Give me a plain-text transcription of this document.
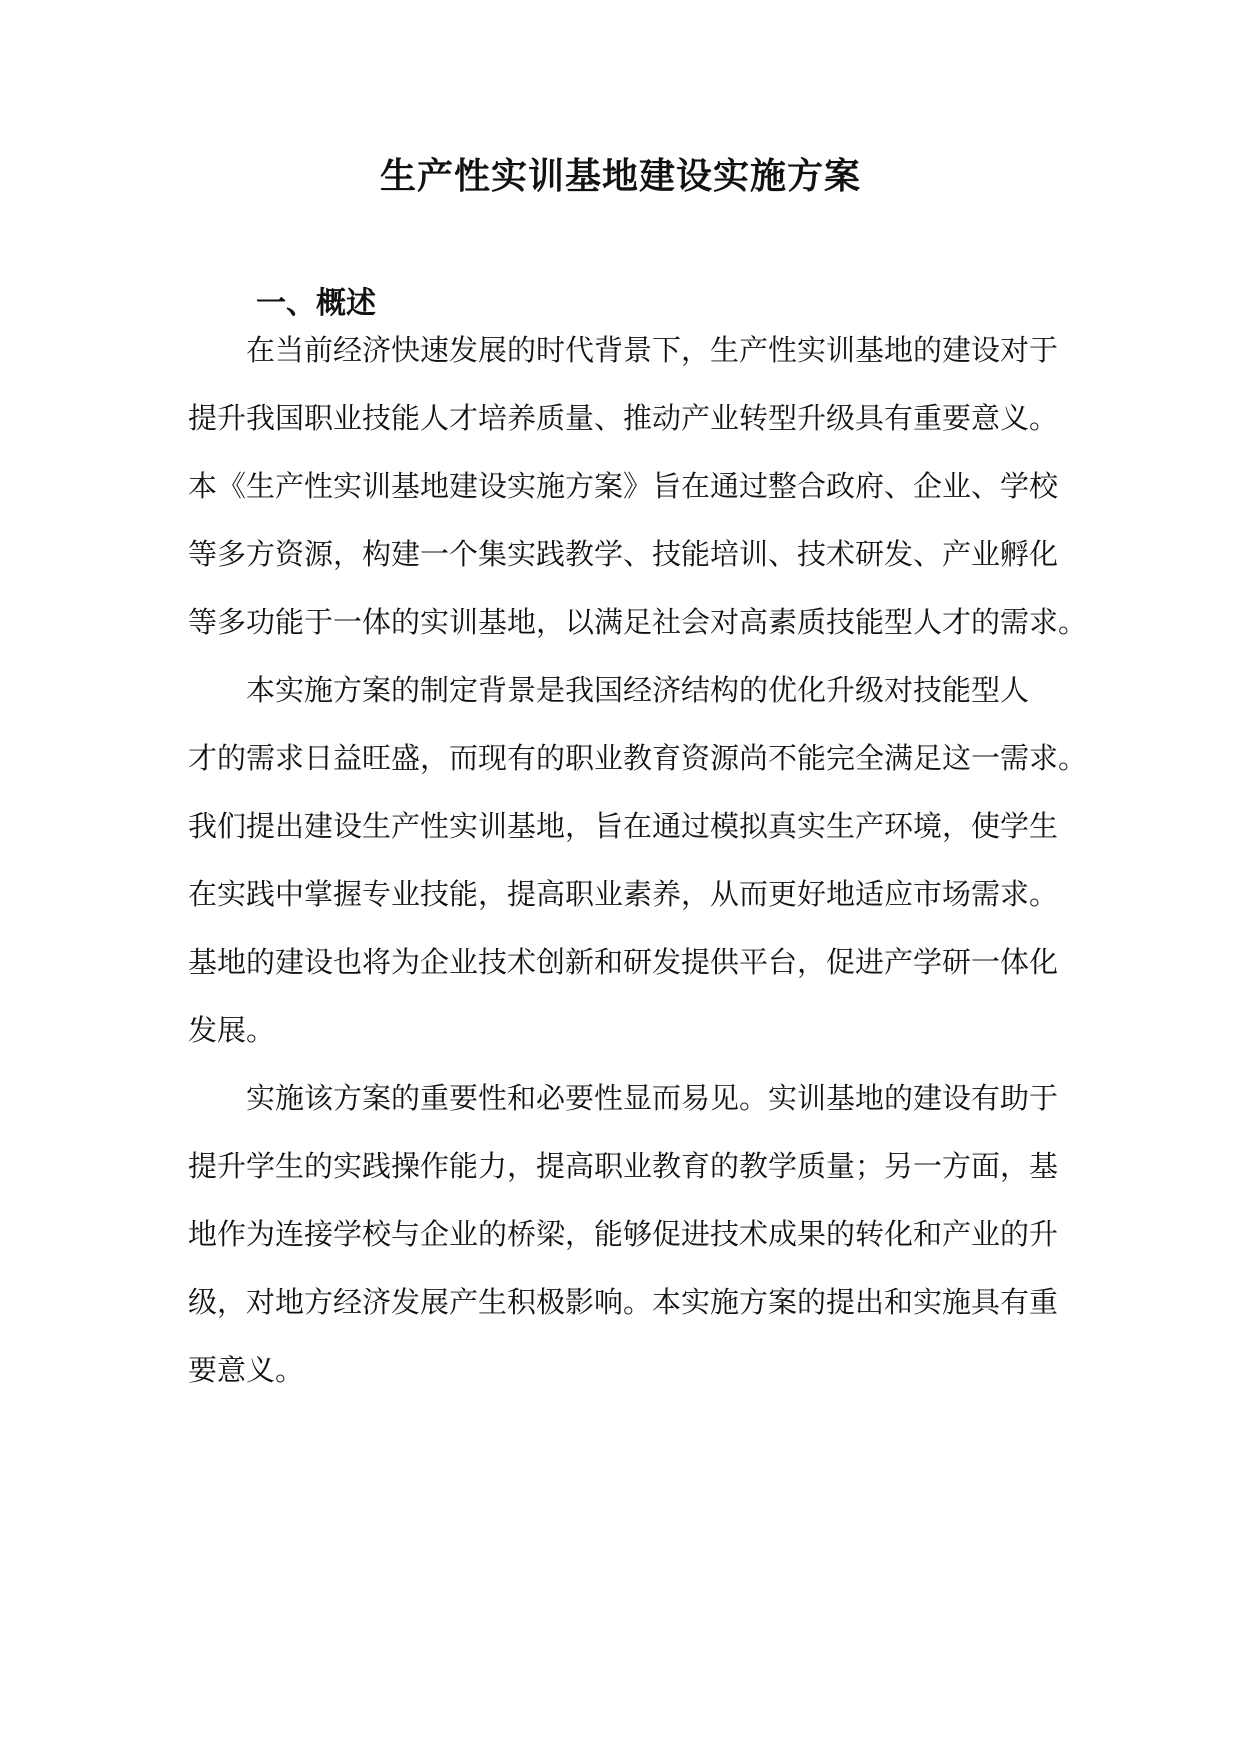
生产性实训基地建设实施方案
一、概述

在当前经济快速发展的时代背景下，生产性实训基地的建设对于

提升我国职业技能人才培养质量、推动产业转型升级具有重要意义。

本《生产性实训基地建设实施方案》旨在通过整合政府、企业、学校

等多方资源，构建一个集实践教学、技能培训、技术研发、产业孵化

等多功能于一体的实训基地，以满足社会对高素质技能型人才的需求。

本实施方案的制定背景是我国经济结构的优化升级对技能型人

才的需求日益旺盛，而现有的职业教育资源尚不能完全满足这一需求。

我们提出建设生产性实训基地，旨在通过模拟真实生产环境，使学生

在实践中掌握专业技能，提高职业素养，从而更好地适应市场需求。

基地的建设也将为企业技术创新和研发提供平台，促进产学研一体化

发展。

实施该方案的重要性和必要性显而易见。实训基地的建设有助于

提升学生的实践操作能力，提高职业教育的教学质量；另一方面，基

地作为连接学校与企业的桥梁，能够促进技术成果的转化和产业的升

级，对地方经济发展产生积极影响。本实施方案的提出和实施具有重

要意义。
